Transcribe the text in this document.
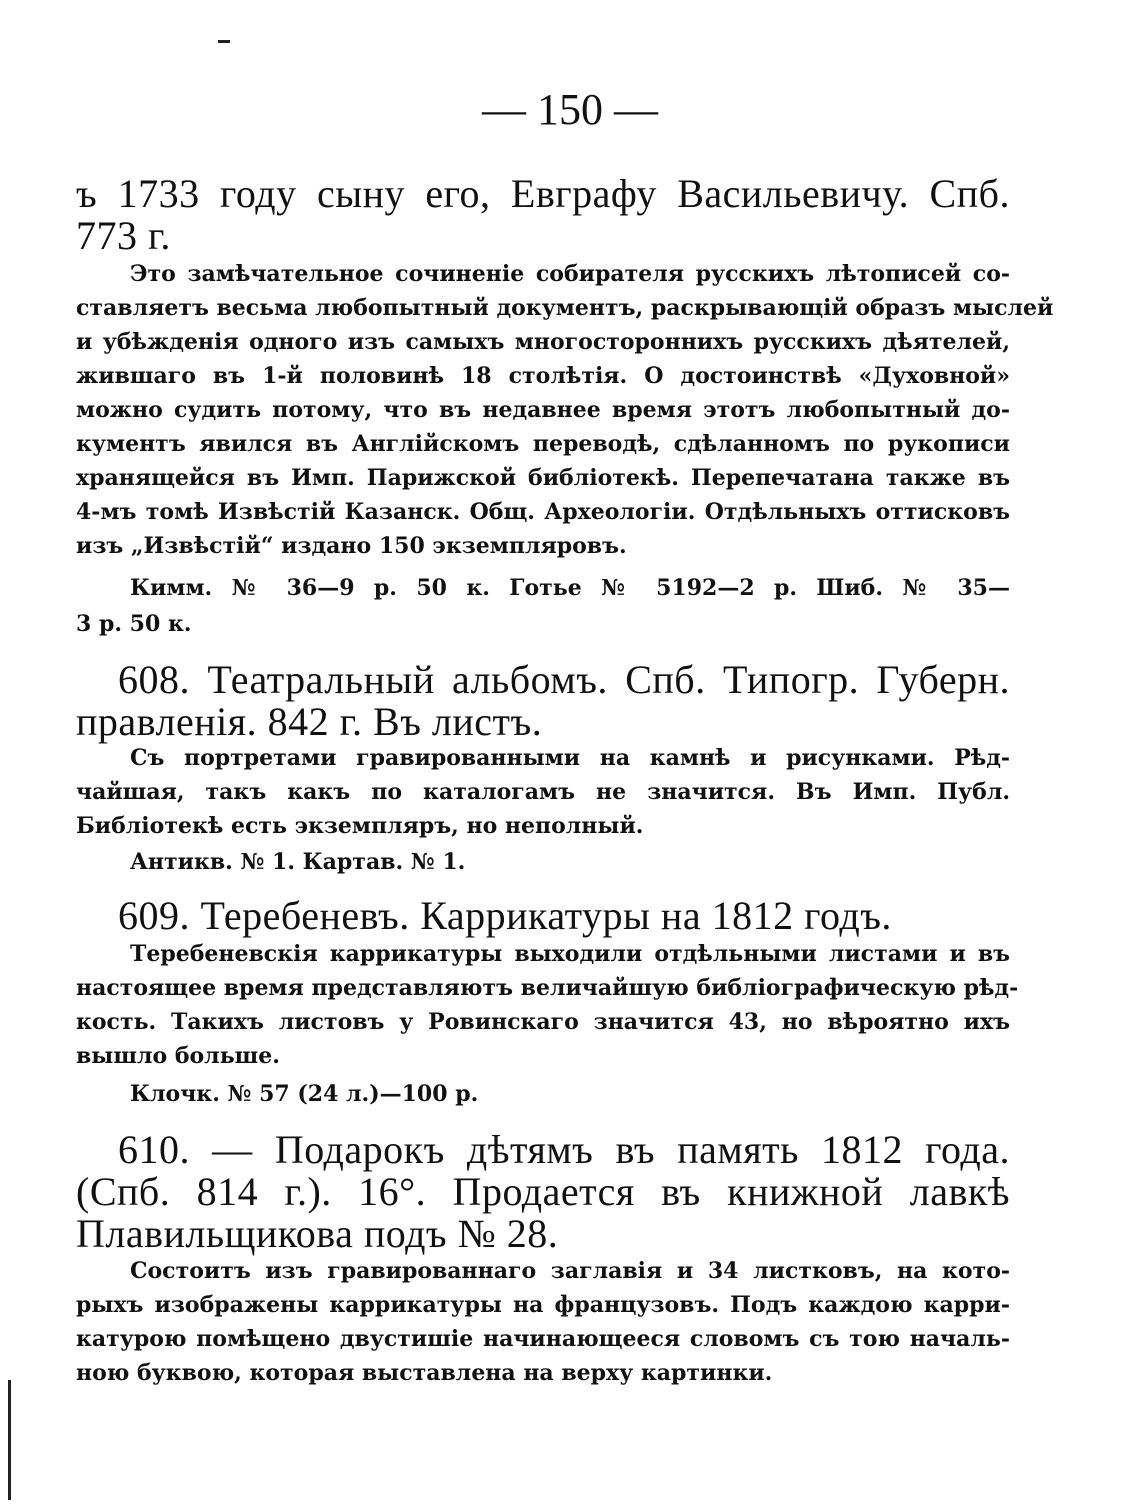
— 150 —
ъ 1733 году сыну его, Евграфу Васильевичу. Спб.
773 г.
Это замѣчательное сочиненіе собирателя русскихъ лѣтописей со-
ставляетъ весьма любопытный документъ, раскрывающій образъ мыслей
и убѣжденія одного изъ самыхъ многостороннихъ русскихъ дѣятелей,
жившаго въ 1-й половинѣ 18 столѣтія. О достоинствѣ «Духовной»
можно судить потому, что въ недавнее время этотъ любопытный до-
кументъ явился въ Англійскомъ переводѣ, сдѣланномъ по рукописи
хранящейся въ Имп. Парижской библіотекѣ. Перепечатана также въ
4-мъ томѣ Извѣстій Казанск. Общ. Археологіи. Отдѣльныхъ оттисковъ
изъ „Извѣстій“ издано 150 экземпляровъ.
Кимм. № 36—9 р. 50 к. Готье № 5192—2 р. Шиб. № 35—
3 р. 50 к.
608. Театральный альбомъ. Спб. Типогр. Губерн.
правленія. 842 г. Въ листъ.
Съ портретами гравированными на камнѣ и рисунками. Рѣд-
чайшая, такъ какъ по каталогамъ не значится. Въ Имп. Публ.
Библіотекѣ есть экземпляръ, но неполный.
Антикв. № 1. Картав. № 1.
609. Теребеневъ. Каррикатуры на 1812 годъ.
Теребеневскія каррикатуры выходили отдѣльными листами и въ
настоящее время представляютъ величайшую библіографическую рѣд-
кость. Такихъ листовъ у Ровинскаго значится 43, но вѣроятно ихъ
вышло больше.
Клочк. № 57 (24 л.)—100 р.
610. — Подарокъ дѣтямъ въ память 1812 года.
(Спб. 814 г.). 16°. Продается въ книжной лавкѣ
Плавильщикова подъ № 28.
Состоитъ изъ гравированнаго заглавія и 34 листковъ, на кото-
рыхъ изображены каррикатуры на французовъ. Подъ каждою карри-
катурою помѣщено двустишіе начинающееся словомъ съ тою началь-
ною буквою, которая выставлена на верху картинки.
